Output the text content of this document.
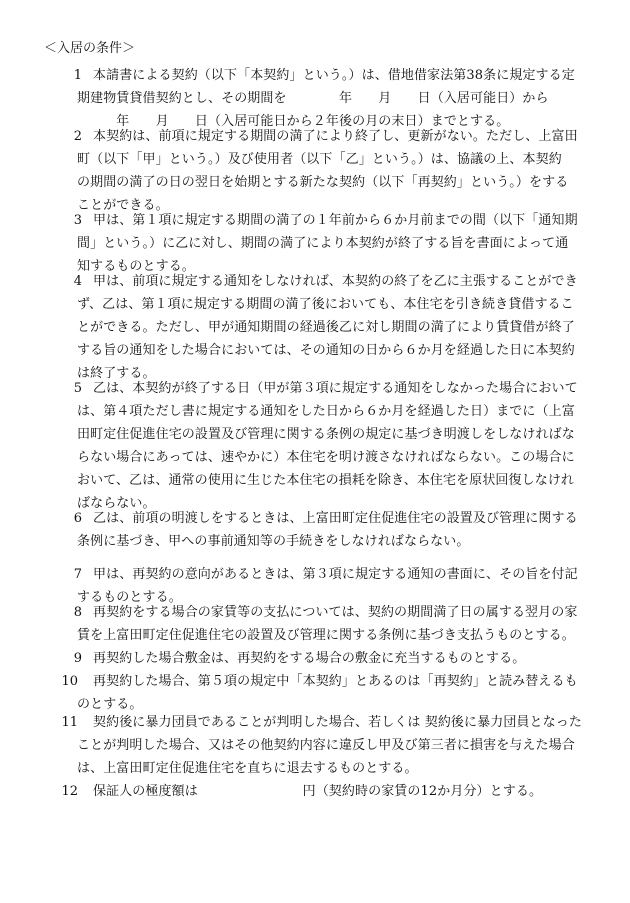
＜入居の条件＞
1 本請書による契約（以下「本契約」という。）は、借地借家法第38条に規定する定
期建物賃貸借契約とし、その期間を　　　　年　　月　　日（入居可能日）から
　　　年　　月　　日（入居可能日から２年後の月の末日）までとする。
2 本契約は、前項に規定する期間の満了により終了し、更新がない。ただし、上富田
町（以下「甲」という。）及び使用者（以下「乙」という。）は、協議の上、本契約
の期間の満了の日の翌日を始期とする新たな契約（以下「再契約」という。）をする
ことができる。
3 甲は、第１項に規定する期間の満了の１年前から６か月前までの間（以下「通知期
間」という。）に乙に対し、期間の満了により本契約が終了する旨を書面によって通
知するものとする。
4 甲は、前項に規定する通知をしなければ、本契約の終了を乙に主張することができ
ず、乙は、第１項に規定する期間の満了後においても、本住宅を引き続き貸借するこ
とができる。ただし、甲が通知期間の経過後乙に対し期間の満了により賃貸借が終了
する旨の通知をした場合においては、その通知の日から６か月を経過した日に本契約
は終了する。
5 乙は、本契約が終了する日（甲が第３項に規定する通知をしなかった場合において
は、第４項ただし書に規定する通知をした日から６か月を経過した日）までに（上富
田町定住促進住宅の設置及び管理に関する条例の規定に基づき明渡しをしなければな
らない場合にあっては、速やかに）本住宅を明け渡さなければならない。この場合に
おいて、乙は、通常の使用に生じた本住宅の損耗を除き、本住宅を原状回復しなけれ
ばならない。
6 乙は、前項の明渡しをするときは、上富田町定住促進住宅の設置及び管理に関する
条例に基づき、甲への事前通知等の手続きをしなければならない。
7 甲は、再契約の意向があるときは、第３項に規定する通知の書面に、その旨を付記
するものとする。
8 再契約をする場合の家賃等の支払については、契約の期間満了日の属する翌月の家
賃を上富田町定住促進住宅の設置及び管理に関する条例に基づき支払うものとする。
9 再契約した場合敷金は、再契約をする場合の敷金に充当するものとする。
10 再契約した場合、第５項の規定中「本契約」とあるのは「再契約」と読み替えるも
のとする。
11 契約後に暴力団員であることが判明した場合、若しくは 契約後に暴力団員となった
ことが判明した場合、又はその他契約内容に違反し甲及び第三者に損害を与えた場合
は、上富田町定住促進住宅を直ちに退去するものとする。
12 保証人の極度額は　　　　　　　　円（契約時の家賃の12か月分）とする。
